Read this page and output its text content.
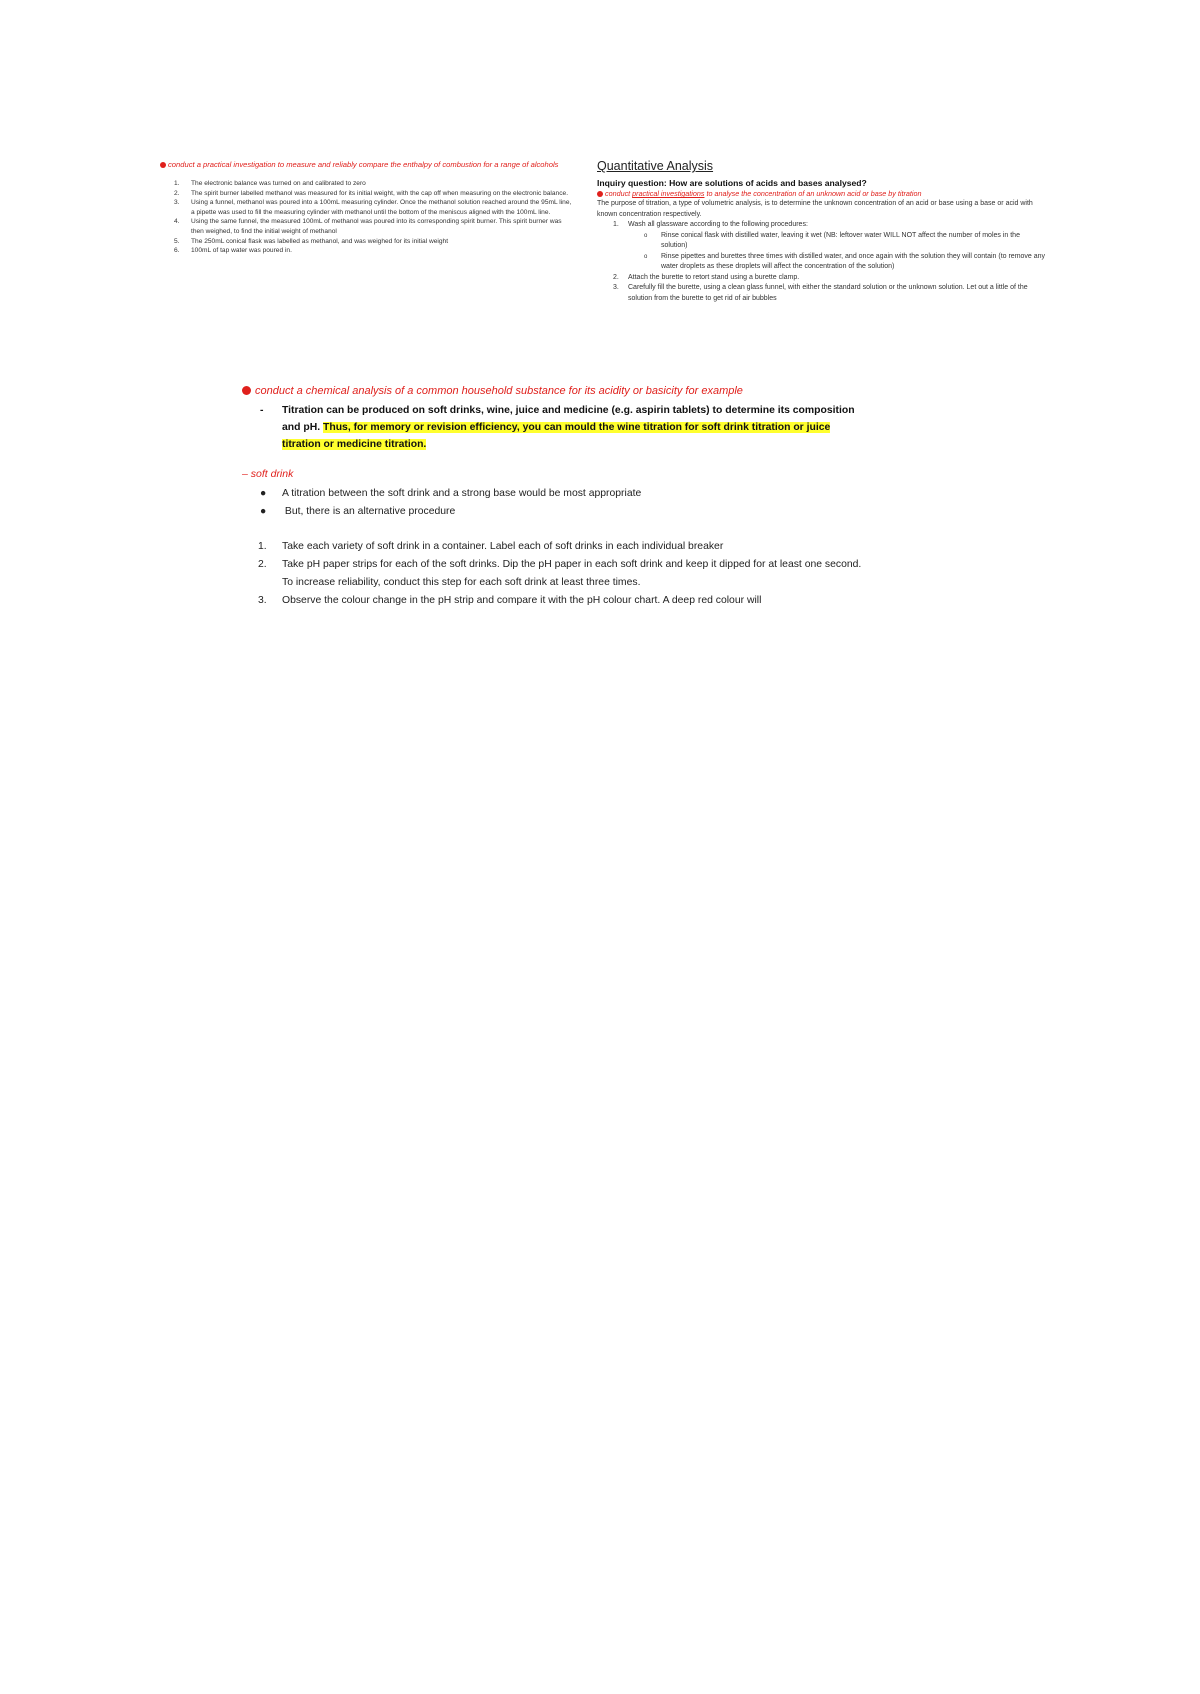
conduct a practical investigation to measure and reliably compare the enthalpy of combustion for a range of alcohols
1. The electronic balance was turned on and calibrated to zero
2. The spirit burner labelled methanol was measured for its initial weight, with the cap off when measuring on the electronic balance.
3. Using a funnel, methanol was poured into a 100mL measuring cylinder. Once the methanol solution reached around the 95mL line, a pipette was used to fill the measuring cylinder with methanol until the bottom of the meniscus aligned with the 100mL line.
4. Using the same funnel, the measured 100mL of methanol was poured into its corresponding spirit burner. This spirit burner was then weighed, to find the initial weight of methanol
5. The 250mL conical flask was labelled as methanol, and was weighed for its initial weight
6. 100mL of tap water was poured in.
Quantitative Analysis
Inquiry question: How are solutions of acids and bases analysed?
conduct practical investigations to analyse the concentration of an unknown acid or base by titration
The purpose of titration, a type of volumetric analysis, is to determine the unknown concentration of an acid or base using a base or acid with known concentration respectively.
1. Wash all glassware according to the following procedures:
o Rinse conical flask with distilled water, leaving it wet (NB: leftover water WILL NOT affect the number of moles in the solution)
o Rinse pipettes and burettes three times with distilled water, and once again with the solution they will contain (to remove any water droplets as these droplets will affect the concentration of the solution)
2. Attach the burette to retort stand using a burette clamp.
3. Carefully fill the burette, using a clean glass funnel, with either the standard solution or the unknown solution. Let out a little of the solution from the burette to get rid of air bubbles
conduct a chemical analysis of a common household substance for its acidity or basicity for example
- Titration can be produced on soft drinks, wine, juice and medicine (e.g. aspirin tablets) to determine its composition and pH. Thus, for memory or revision efficiency, you can mould the wine titration for soft drink titration or juice titration or medicine titration.
– soft drink
● A titration between the soft drink and a strong base would be most appropriate
● But, there is an alternative procedure
1. Take each variety of soft drink in a container. Label each of soft drinks in each individual breaker
2. Take pH paper strips for each of the soft drinks. Dip the pH paper in each soft drink and keep it dipped for at least one second. To increase reliability, conduct this step for each soft drink at least three times.
3. Observe the colour change in the pH strip and compare it with the pH colour chart. A deep red colour will
